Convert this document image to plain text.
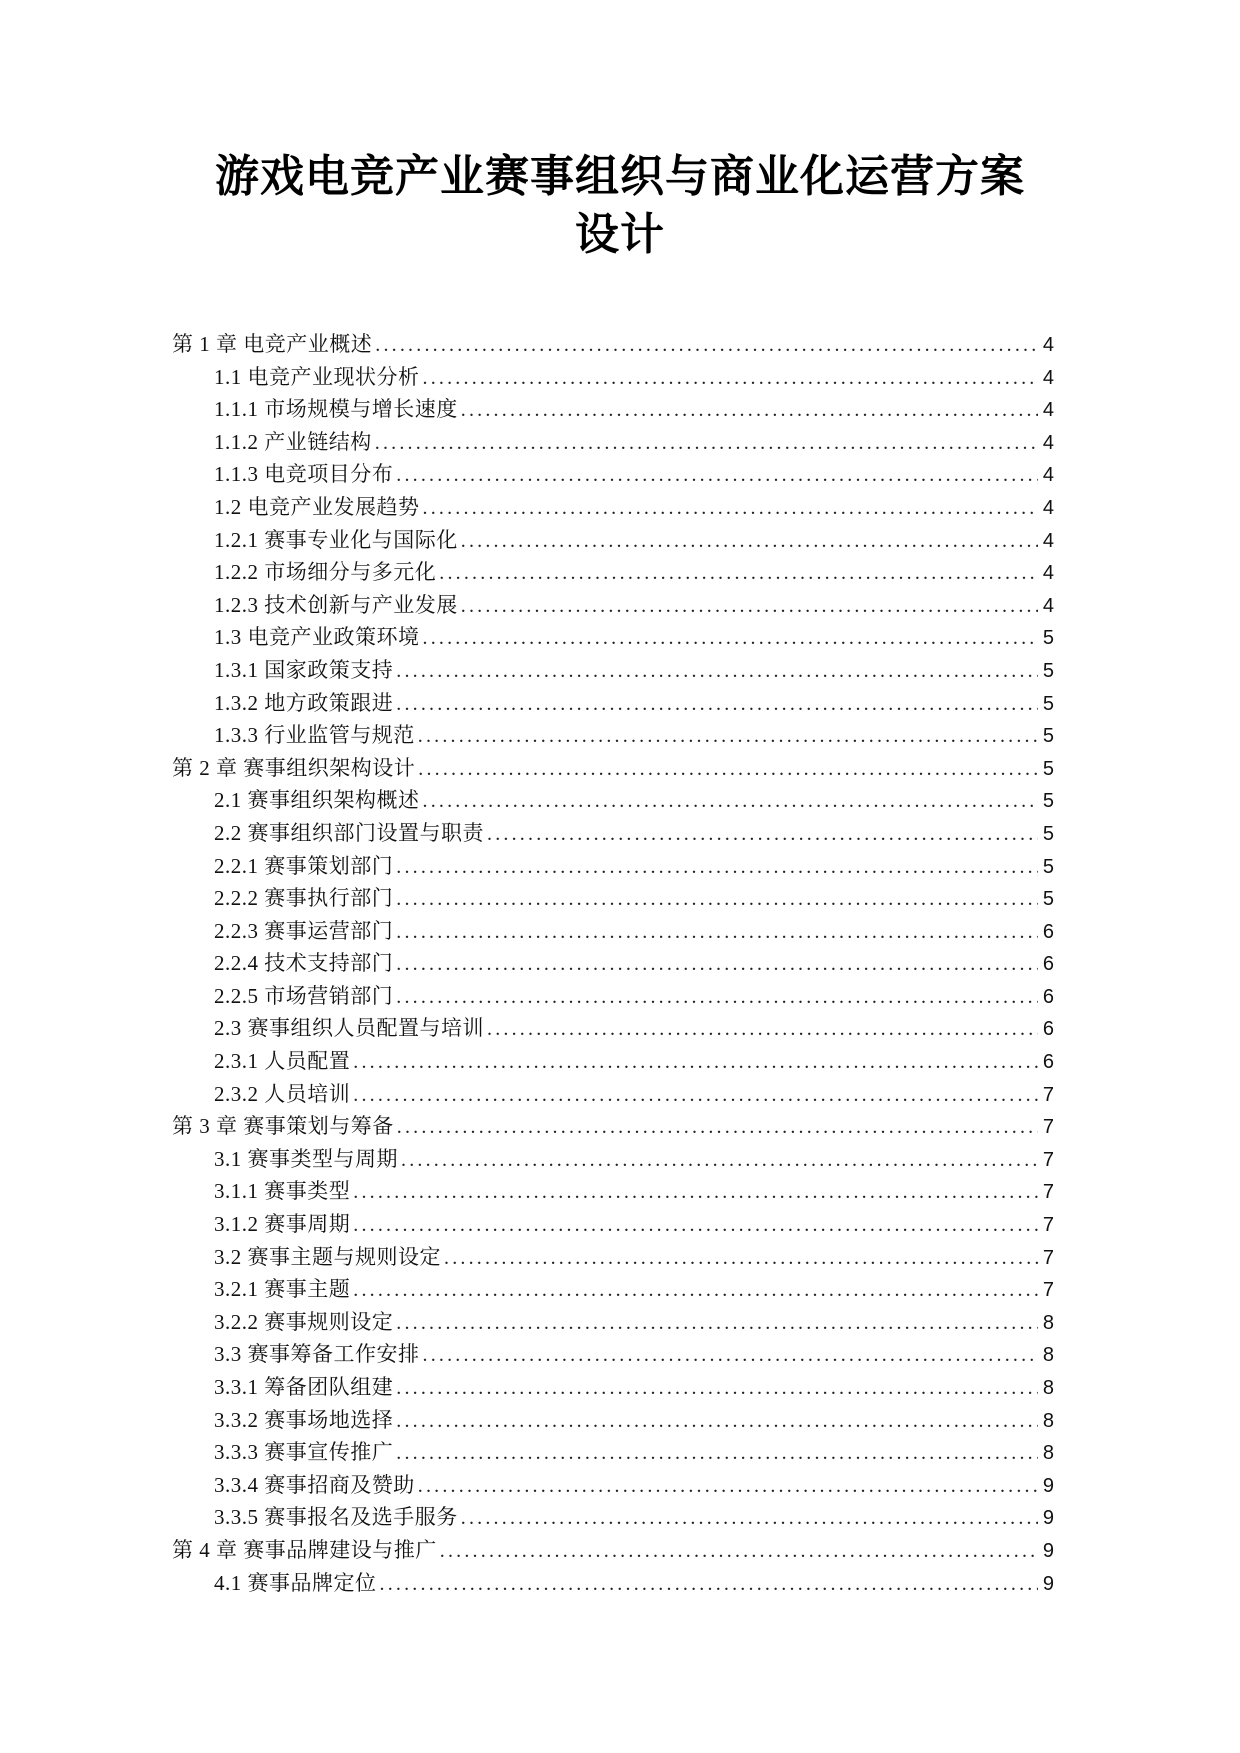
游戏电竞产业赛事组织与商业化运营方案
设计
第 1 章 电竞产业概述 .....	4
1.1 电竞产业现状分析 .....	4
1.1.1 市场规模与增长速度 .....	4
1.1.2 产业链结构 .....	4
1.1.3 电竞项目分布 .....	4
1.2 电竞产业发展趋势 .....	4
1.2.1 赛事专业化与国际化 .....	4
1.2.2 市场细分与多元化 .....	4
1.2.3 技术创新与产业发展 .....	4
1.3 电竞产业政策环境 .....	5
1.3.1 国家政策支持 .....	5
1.3.2 地方政策跟进 .....	5
1.3.3 行业监管与规范 .....	5
第 2 章 赛事组织架构设计 .....	5
2.1 赛事组织架构概述 .....	5
2.2 赛事组织部门设置与职责 .....	5
2.2.1 赛事策划部门 .....	5
2.2.2 赛事执行部门 .....	5
2.2.3 赛事运营部门 .....	6
2.2.4 技术支持部门 .....	6
2.2.5 市场营销部门 .....	6
2.3 赛事组织人员配置与培训 .....	6
2.3.1 人员配置 .....	6
2.3.2 人员培训 .....	7
第 3 章 赛事策划与筹备 .....	7
3.1 赛事类型与周期 .....	7
3.1.1 赛事类型 .....	7
3.1.2 赛事周期 .....	7
3.2 赛事主题与规则设定 .....	7
3.2.1 赛事主题 .....	7
3.2.2 赛事规则设定 .....	8
3.3 赛事筹备工作安排 .....	8
3.3.1 筹备团队组建 .....	8
3.3.2 赛事场地选择 .....	8
3.3.3 赛事宣传推广 .....	8
3.3.4 赛事招商及赞助 .....	9
3.3.5 赛事报名及选手服务 .....	9
第 4 章 赛事品牌建设与推广 .....	9
4.1 赛事品牌定位 .....	9
